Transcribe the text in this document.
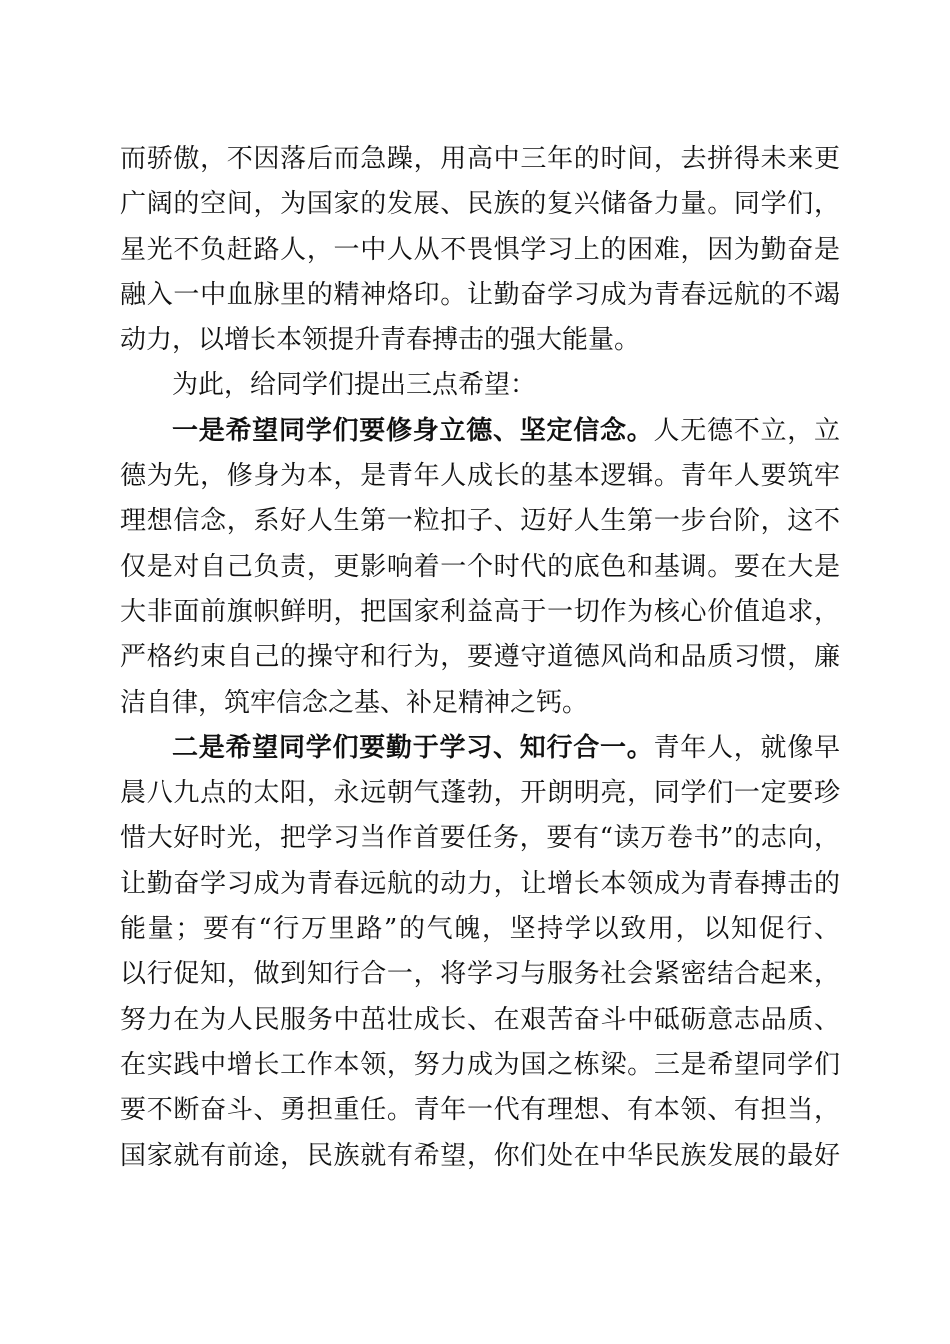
而骄傲，不因落后而急躁，用高中三年的时间，去拼得未来更
广阔的空间，为国家的发展、民族的复兴储备力量。同学们，
星光不负赶路人，一中人从不畏惧学习上的困难，因为勤奋是
融入一中血脉里的精神烙印。让勤奋学习成为青春远航的不竭
动力，以增长本领提升青春搏击的强大能量。
为此，给同学们提出三点希望：
一是希望同学们要修身立德、坚定信念。人无德不立，立
德为先，修身为本，是青年人成长的基本逻辑。青年人要筑牢
理想信念，系好人生第一粒扣子、迈好人生第一步台阶，这不
仅是对自己负责，更影响着一个时代的底色和基调。要在大是
大非面前旗帜鲜明，把国家利益高于一切作为核心价值追求，
严格约束自己的操守和行为，要遵守道德风尚和品质习惯，廉
洁自律，筑牢信念之基、补足精神之钙。
二是希望同学们要勤于学习、知行合一。青年人，就像早
晨八九点的太阳，永远朝气蓬勃，开朗明亮，同学们一定要珍
惜大好时光，把学习当作首要任务，要有“读万卷书”的志向，
让勤奋学习成为青春远航的动力，让增长本领成为青春搏击的
能量；要有“行万里路”的气魄，坚持学以致用，以知促行、
以行促知，做到知行合一，将学习与服务社会紧密结合起来，
努力在为人民服务中茁壮成长、在艰苦奋斗中砥砺意志品质、
在实践中增长工作本领，努力成为国之栋梁。三是希望同学们
要不断奋斗、勇担重任。青年一代有理想、有本领、有担当，
国家就有前途，民族就有希望，你们处在中华民族发展的最好
